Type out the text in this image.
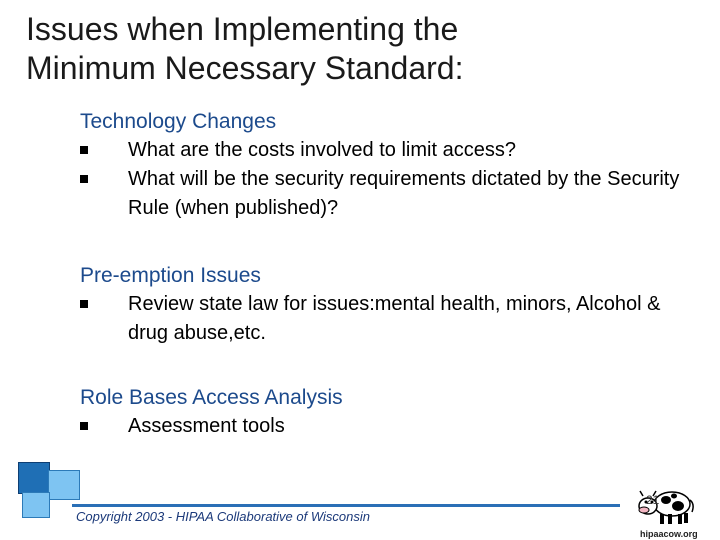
Issues when Implementing the
Minimum Necessary Standard:
Technology Changes
What are the costs involved to limit access?
What will be the security requirements dictated by the Security Rule (when published)?
Pre-emption Issues
Review state law for issues:mental health, minors, Alcohol & drug abuse,etc.
Role Bases Access Analysis
Assessment tools
Copyright 2003 - HIPAA Collaborative of Wisconsin
21
hipaacow.org
